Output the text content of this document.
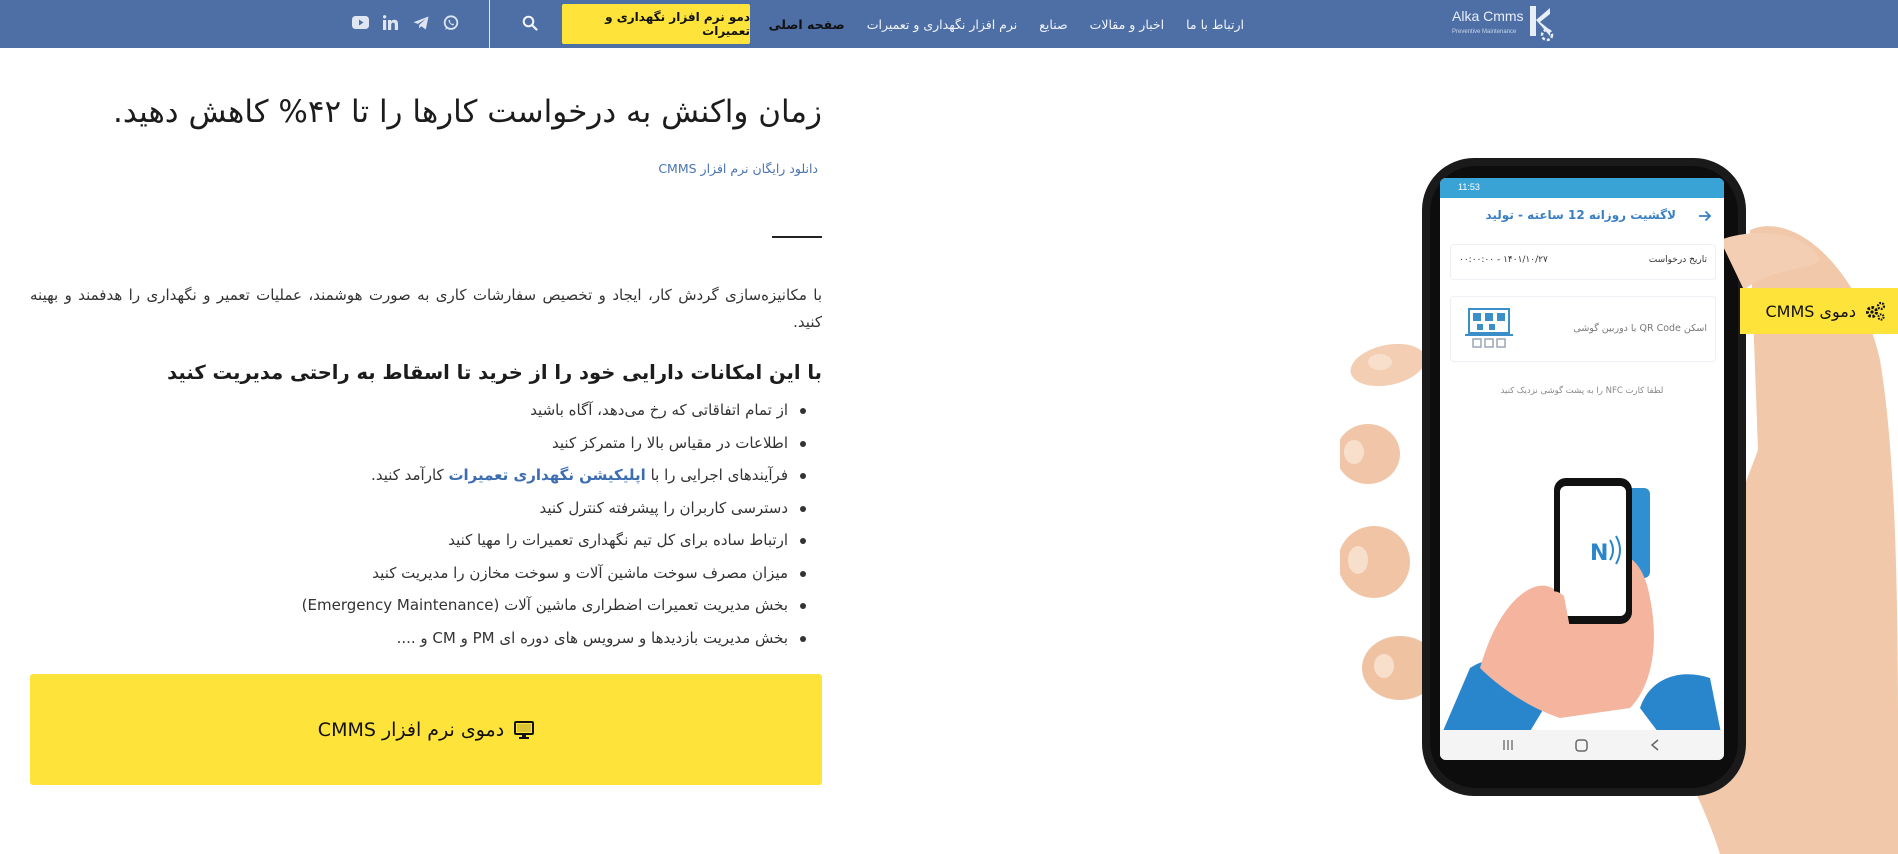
Alka Cmms
Preventive Maintenance
صفحه اصلی نرم افزار نگهداری و تعمیرات صنایع اخبار و مقالات ارتباط با ما
دمو نرم افزار نگهداری و تعمیرات
زمان واکنش به درخواست کارها را تا ۴۲% کاهش دهید.
دانلود رایگان نرم افزار CMMS

با مکانیزه‌سازی گردش کار، ایجاد و تخصیص سفارشات کاری به صورت هوشمند، عملیات تعمیر و نگهداری را هدفمند و بهینه کنید.

با این امکانات دارایی خود را از خرید تا اسقاط به راحتی مدیریت کنید
از تمام اتفاقاتی که رخ می‌دهد، آگاه باشید
اطلاعات در مقیاس بالا را متمرکز کنید
فرآیندهای اجرایی را با اپلیکیشن نگهداری تعمیرات کارآمد کنید.
دسترسی کاربران را پیشرفته کنترل کنید
ارتباط ساده برای کل تیم نگهداری تعمیرات را مهیا کنید
میزان مصرف سوخت ماشین آلات و سوخت مخازن را مدیریت کنید
بخش مدیریت تعمیرات اضطراری ماشین آلات (Emergency Maintenance)
بخش مدیریت بازدیدها و سرویس های دوره ای PM و CM و ....
دموی نرم افزار CMMS
11:53
لاگشیت روزانه 12 ساعته - تولید
تاریخ درخواست
۱۴۰۱/۱۰/۲۷ - ۰۰:۰۰:۰۰
اسکن QR Code با دوربین گوشی
لطفا کارت NFC را به پشت گوشی نزدیک کنید
N
دموی CMMS
